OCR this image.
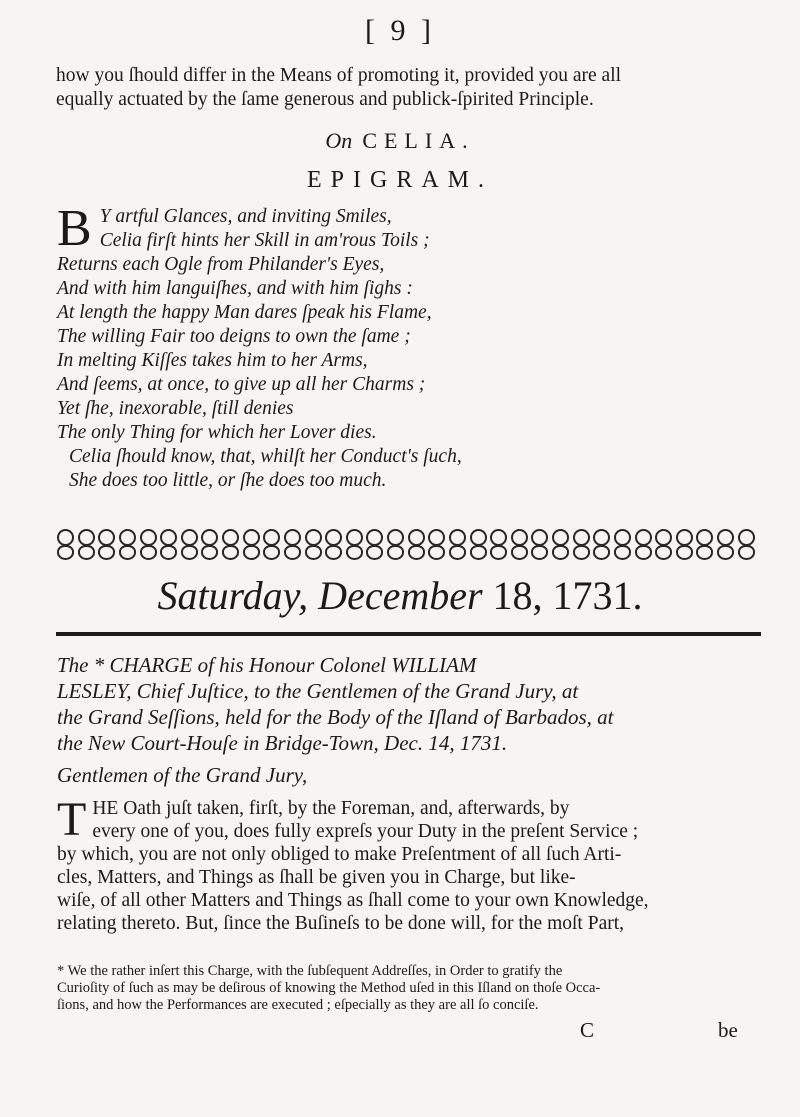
[ 9 ]
how you ſhould differ in the Means of promoting it, provided you are all
equally actuated by the ſame generous and publick-ſpirited Principle.
On CELIA.
EPIGRAM.
B Y artful Glances, and inviting Smiles,
Celia firſt hints her Skill in am'rous Toils ;
Returns each Ogle from Philander's Eyes,
And with him languiſhes, and with him ſighs :
At length the happy Man dares ſpeak his Flame,
The willing Fair too deigns to own the ſame ;
In melting Kiſſes takes him to her Arms,
And ſeems, at once, to give up all her Charms ;
Yet ſhe, inexorable, ſtill denies
The only Thing for which her Lover dies.
Celia ſhould know, that, whilſt her Conduct's ſuch,
She does too little, or ſhe does too much.
Saturday, December 18, 1731.
The * CHARGE of his Honour Colonel WILLIAM
LESLEY, Chief Juſtice, to the Gentlemen of the Grand Jury, at
the Grand Seſſions, held for the Body of the Iſland of Barbados, at
the New Court-Houſe in Bridge-Town, Dec. 14, 1731.
Gentlemen of the Grand Jury,
T HE Oath juſt taken, firſt, by the Foreman, and, afterwards, by
every one of you, does fully expreſs your Duty in the preſent Service ;
by which, you are not only obliged to make Preſentment of all ſuch Arti-
cles, Matters, and Things as ſhall be given you in Charge, but like-
wiſe, of all other Matters and Things as ſhall come to your own Knowledge,
relating thereto. But, ſince the Buſineſs to be done will, for the moſt Part,
* We the rather inſert this Charge, with the ſubſequent Addreſſes, in Order to gratify the
Curioſity of ſuch as may be deſirous of knowing the Method uſed in this Iſland on thoſe Occa-
ſions, and how the Performances are executed ; eſpecially as they are all ſo conciſe.
C	be
